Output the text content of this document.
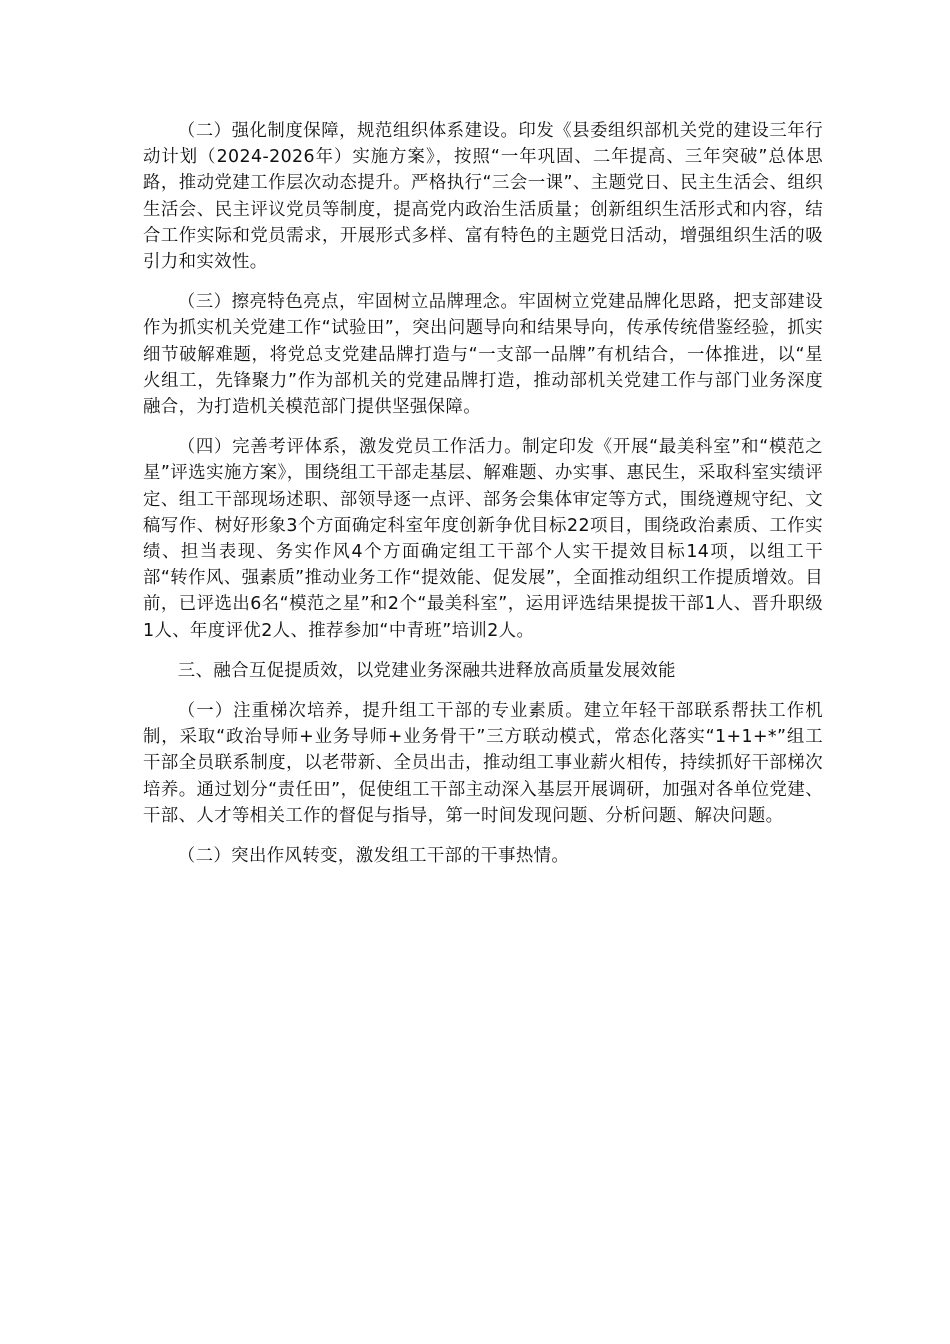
（二）强化制度保障，规范组织体系建设。印发《县委组织部机关党的建设三年行动计划（2024-2026年）实施方案》，按照“一年巩固、二年提高、三年突破”总体思路，推动党建工作层次动态提升。严格执行“三会一课”、主题党日、民主生活会、组织生活会、民主评议党员等制度，提高党内政治生活质量；创新组织生活形式和内容，结合工作实际和党员需求，开展形式多样、富有特色的主题党日活动，增强组织生活的吸引力和实效性。

（三）擦亮特色亮点，牢固树立品牌理念。牢固树立党建品牌化思路，把支部建设作为抓实机关党建工作“试验田”，突出问题导向和结果导向，传承传统借鉴经验，抓实细节破解难题，将党总支党建品牌打造与“一支部一品牌”有机结合，一体推进，以“星火组工，先锋聚力”作为部机关的党建品牌打造，推动部机关党建工作与部门业务深度融合，为打造机关模范部门提供坚强保障。

（四）完善考评体系，激发党员工作活力。制定印发《开展“最美科室”和“模范之星”评选实施方案》，围绕组工干部走基层、解难题、办实事、惠民生，采取科室实绩评定、组工干部现场述职、部领导逐一点评、部务会集体审定等方式，围绕遵规守纪、文稿写作、树好形象3个方面确定科室年度创新争优目标22项目，围绕政治素质、工作实绩、担当表现、务实作风4个方面确定组工干部个人实干提效目标14项，以组工干部“转作风、强素质”推动业务工作“提效能、促发展”，全面推动组织工作提质增效。目前，已评选出6名“模范之星”和2个“最美科室”，运用评选结果提拔干部1人、晋升职级1人、年度评优2人、推荐参加“中青班”培训2人。

三、融合互促提质效，以党建业务深融共进释放高质量发展效能

（一）注重梯次培养，提升组工干部的专业素质。建立年轻干部联系帮扶工作机制，采取“政治导师+业务导师+业务骨干”三方联动模式，常态化落实“1+1+*”组工干部全员联系制度，以老带新、全员出击，推动组工事业薪火相传，持续抓好干部梯次培养。通过划分“责任田”，促使组工干部主动深入基层开展调研，加强对各单位党建、干部、人才等相关工作的督促与指导，第一时间发现问题、分析问题、解决问题。

（二）突出作风转变，激发组工干部的干事热情。
